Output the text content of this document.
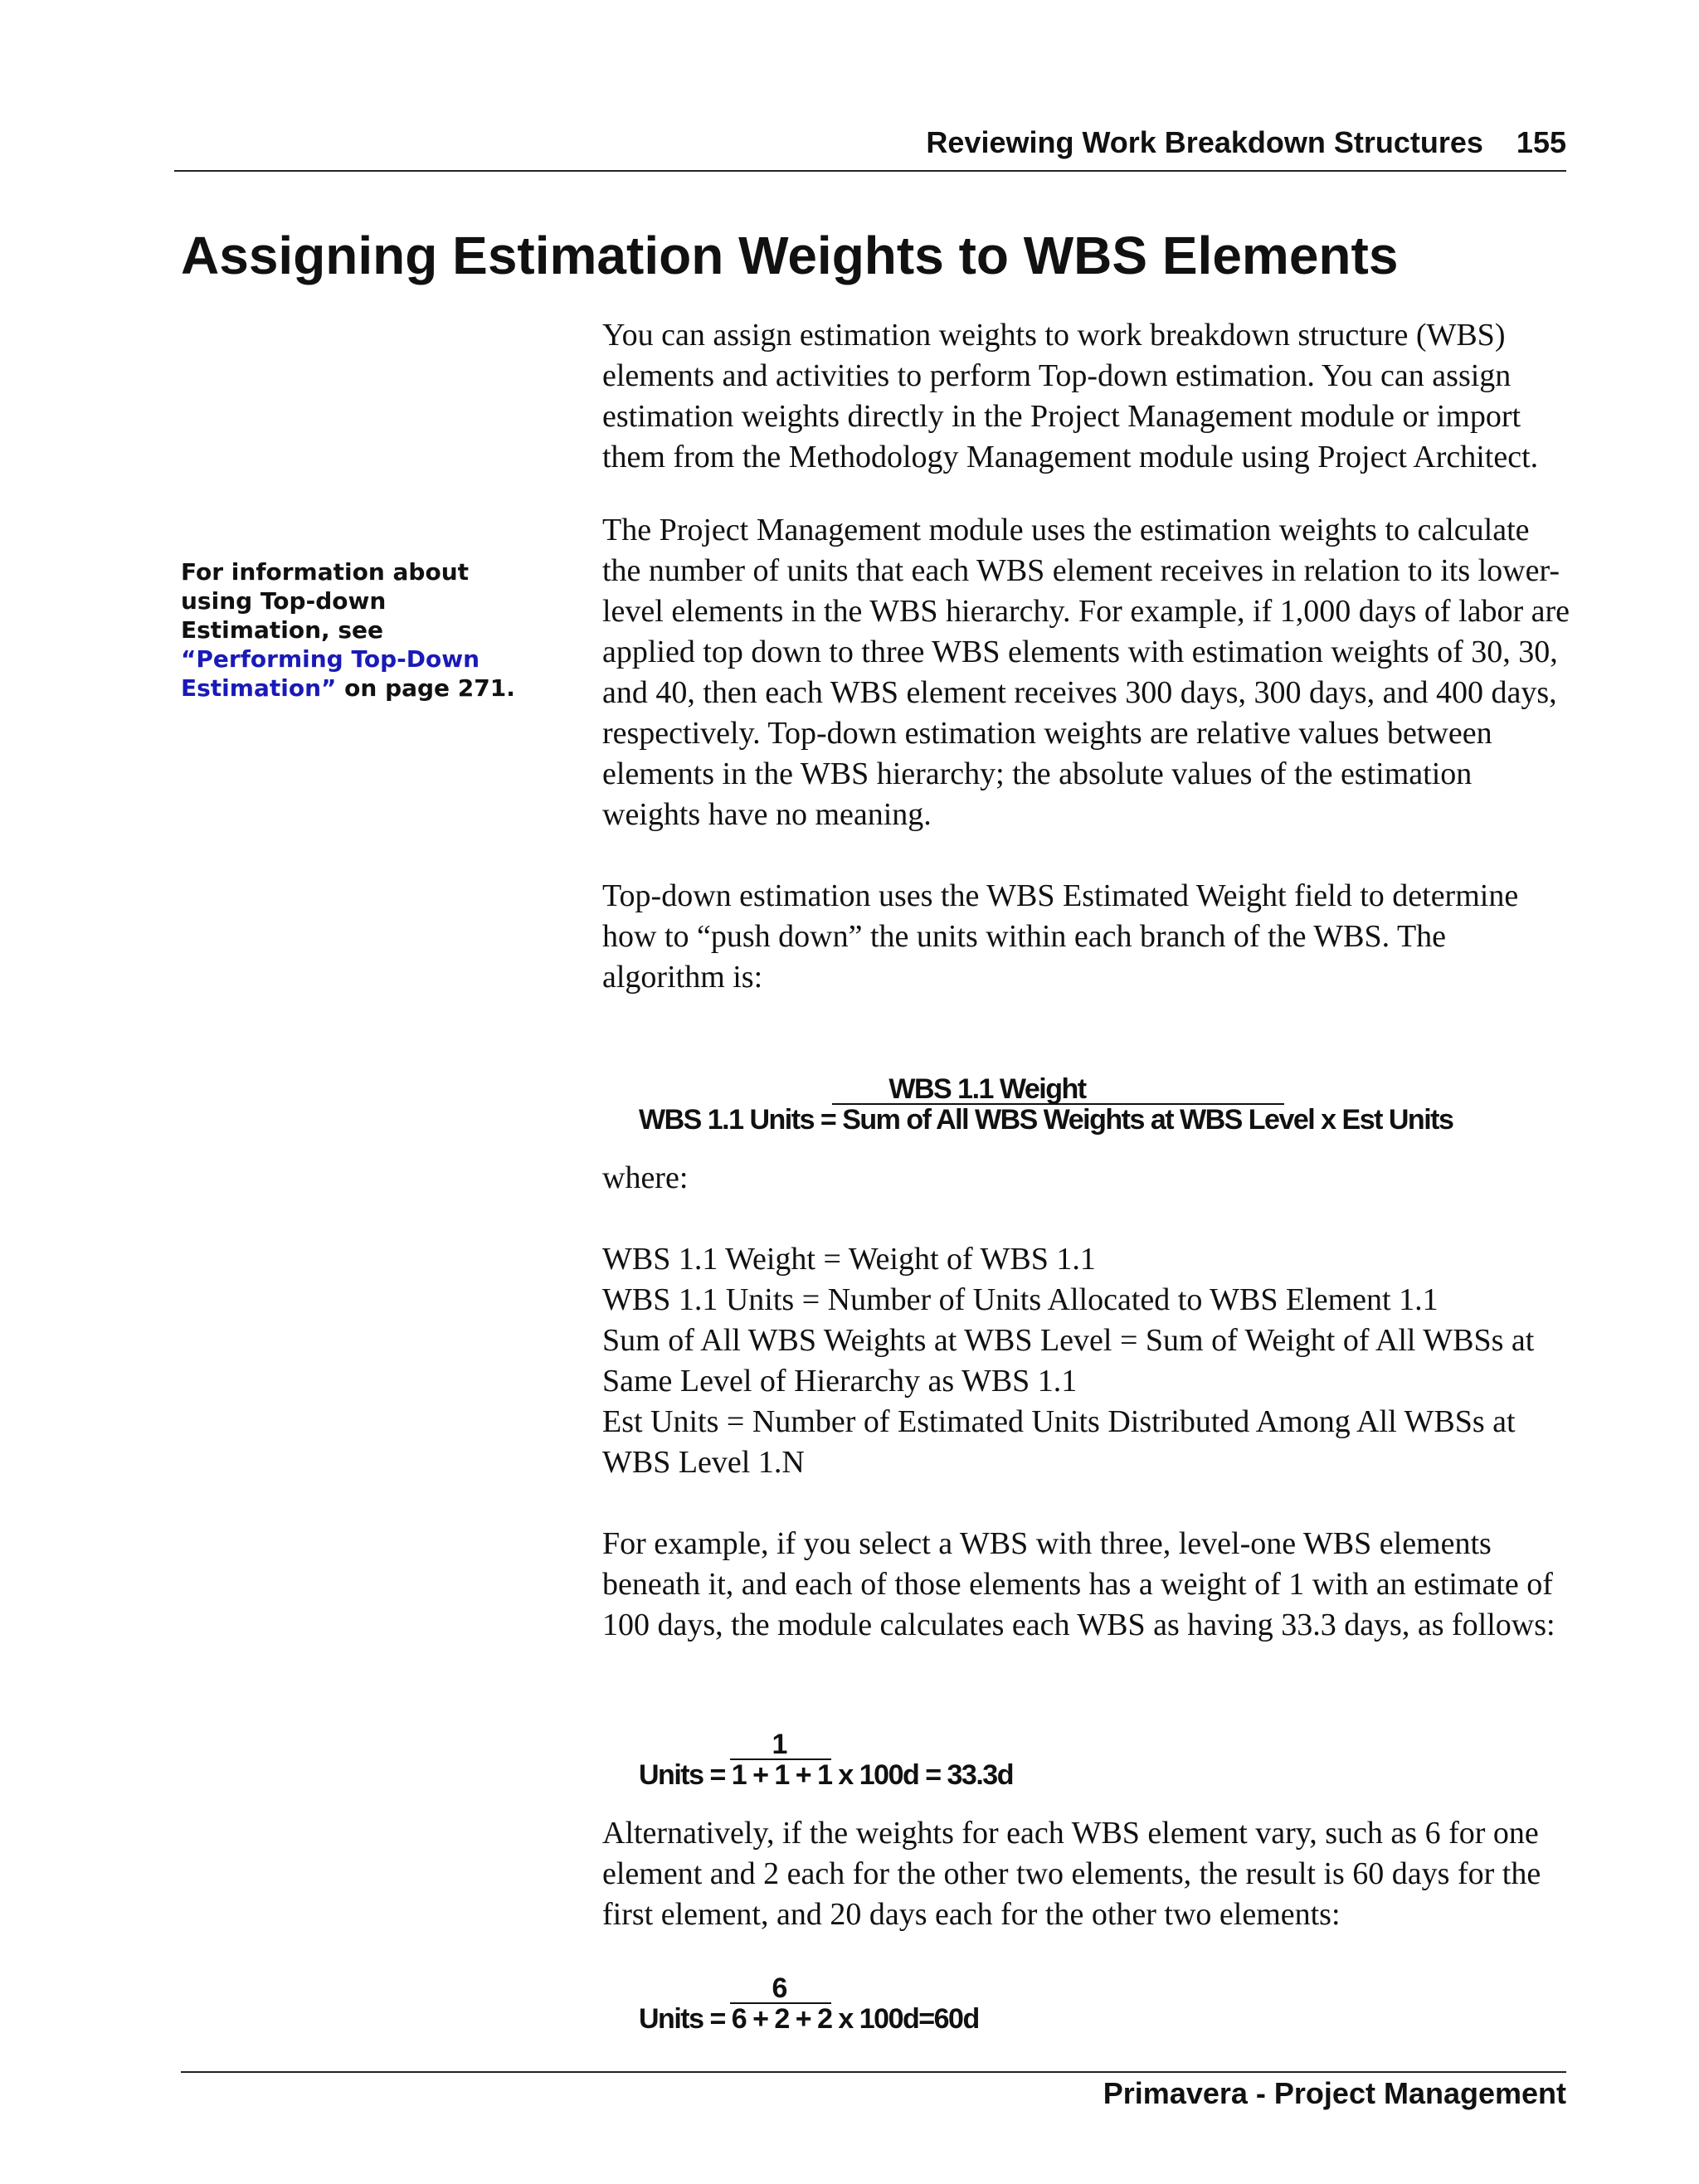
Reviewing Work Breakdown Structures 155
Assigning Estimation Weights to WBS Elements
For information about using Top-down Estimation, see “Performing Top-Down Estimation” on page 271.

You can assign estimation weights to work breakdown structure (WBS) elements and activities to perform Top-down estimation. You can assign estimation weights directly in the Project Management module or import them from the Methodology Management module using Project Architect.

The Project Management module uses the estimation weights to calculate the number of units that each WBS element receives in relation to its lower-level elements in the WBS hierarchy. For example, if 1,000 days of labor are applied top down to three WBS elements with estimation weights of 30, 30, and 40, then each WBS element receives 300 days, 300 days, and 400 days, respectively. Top-down estimation weights are relative values between elements in the WBS hierarchy; the absolute values of the estimation weights have no meaning.

Top-down estimation uses the WBS Estimated Weight field to determine how to “push down” the units within each branch of the WBS. The algorithm is:

WBS 1.1 Weight
WBS 1.1 Units = Sum of All WBS Weights at WBS Level x Est Units

where:

WBS 1.1 Weight = Weight of WBS 1.1

WBS 1.1 Units = Number of Units Allocated to WBS Element 1.1

Sum of All WBS Weights at WBS Level = Sum of Weight of All WBSs at Same Level of Hierarchy as WBS 1.1

Est Units = Number of Estimated Units Distributed Among All WBSs at WBS Level 1.N

For example, if you select a WBS with three, level-one WBS elements beneath it, and each of those elements has a weight of 1 with an estimate of 100 days, the module calculates each WBS as having 33.3 days, as follows:

1
Units = 1 + 1 + 1 x 100d = 33.3d

Alternatively, if the weights for each WBS element vary, such as 6 for one element and 2 each for the other two elements, the result is 60 days for the first element, and 20 days each for the other two elements:

6
Units = 6 + 2 + 2 x 100d=60d
Primavera - Project Management
